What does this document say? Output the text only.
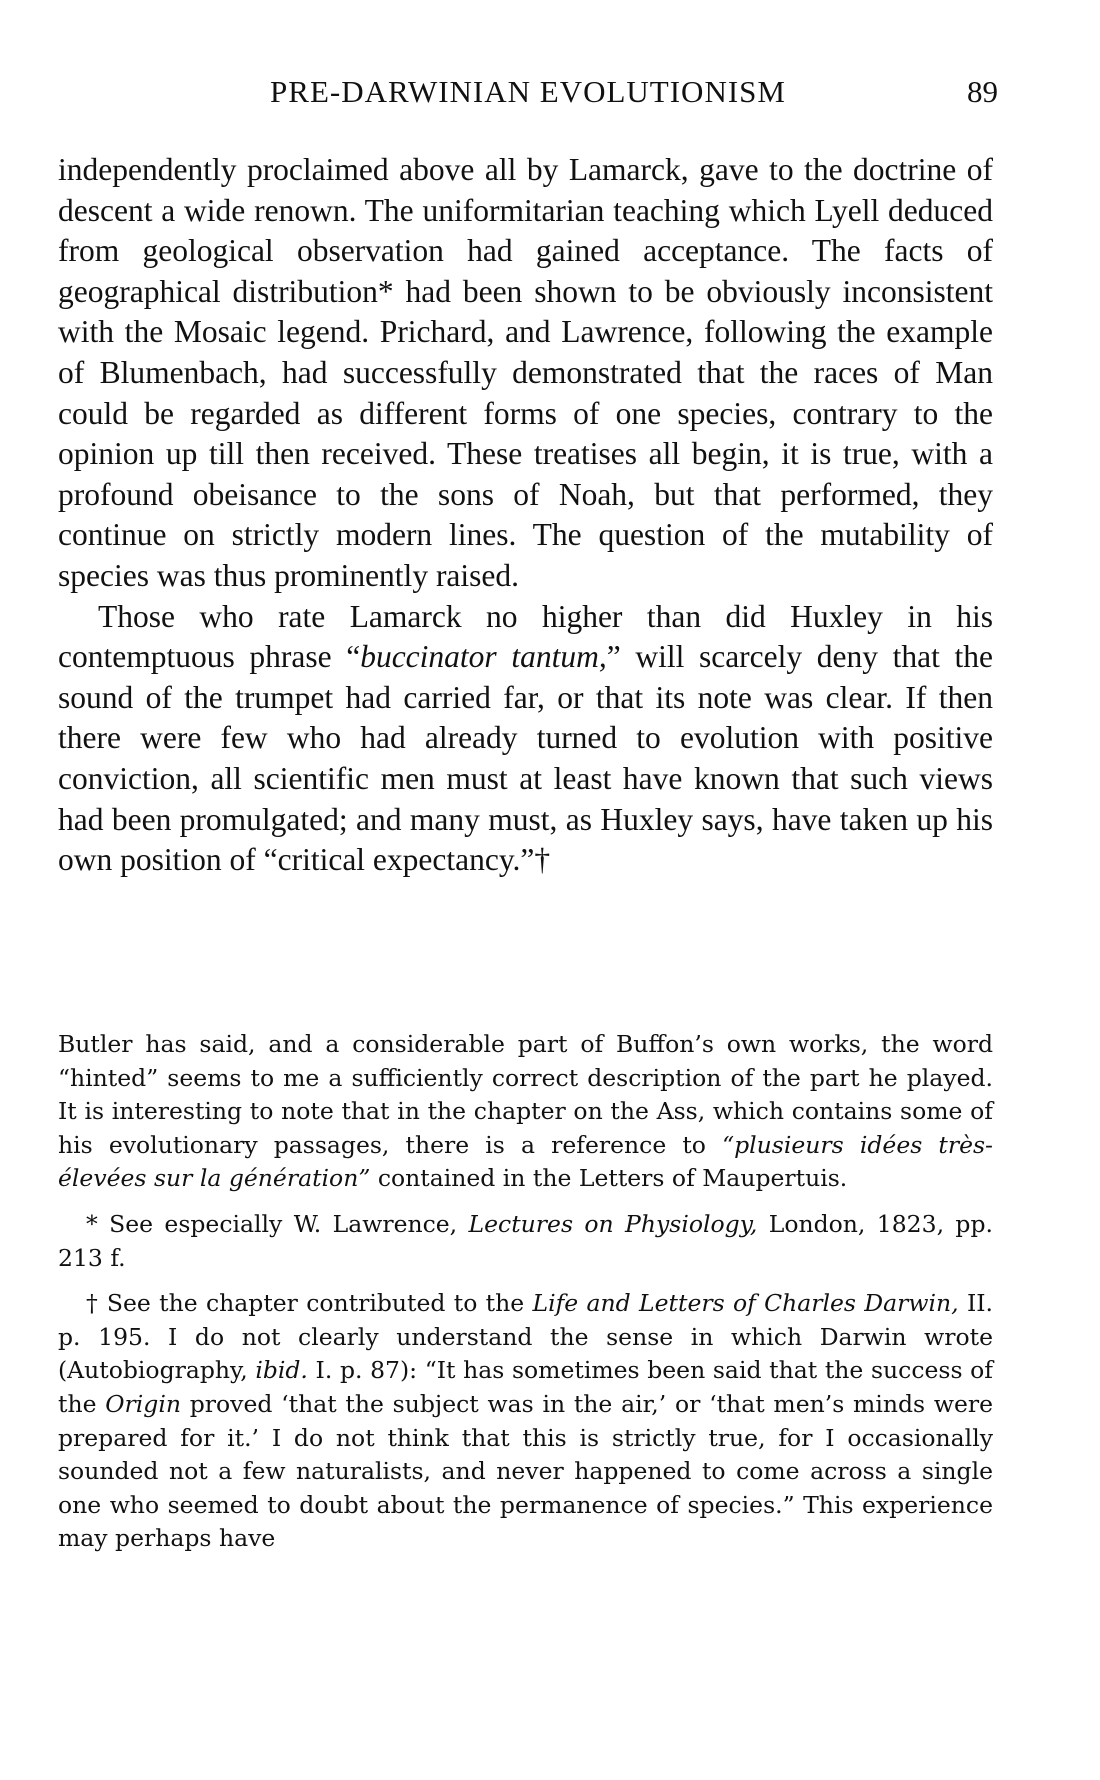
PRE-DARWINIAN EVOLUTIONISM	89

independently proclaimed above all by Lamarck, gave to the doctrine of descent a wide renown. The uniformitarian teaching which Lyell deduced from geological observation had gained acceptance. The facts of geographical distribution* had been shown to be obviously inconsistent with the Mosaic legend. Prichard, and Lawrence, following the example of Blumenbach, had successfully demonstrated that the races of Man could be regarded as different forms of one species, contrary to the opinion up till then received. These treatises all begin, it is true, with a profound obeisance to the sons of Noah, but that performed, they continue on strictly modern lines. The question of the mutability of species was thus prominently raised.

Those who rate Lamarck no higher than did Huxley in his contemptuous phrase “buccinator tantum,” will scarcely deny that the sound of the trumpet had carried far, or that its note was clear. If then there were few who had already turned to evolution with positive conviction, all scientific men must at least have known that such views had been promulgated; and many must, as Huxley says, have taken up his own position of “critical expectancy.”†

Butler has said, and a considerable part of Buffon’s own works, the word “hinted” seems to me a sufficiently correct description of the part he played. It is interesting to note that in the chapter on the Ass, which contains some of his evolutionary passages, there is a reference to “plusieurs idées très-élevées sur la génération” contained in the Letters of Maupertuis.

* See especially W. Lawrence, Lectures on Physiology, London, 1823, pp. 213 f.

† See the chapter contributed to the Life and Letters of Charles Darwin, II. p. 195. I do not clearly understand the sense in which Darwin wrote (Autobiography, ibid. I. p. 87): “It has sometimes been said that the success of the Origin proved ‘that the subject was in the air,’ or ‘that men’s minds were prepared for it.’ I do not think that this is strictly true, for I occasionally sounded not a few naturalists, and never happened to come across a single one who seemed to doubt about the permanence of species.” This experience may perhaps have
